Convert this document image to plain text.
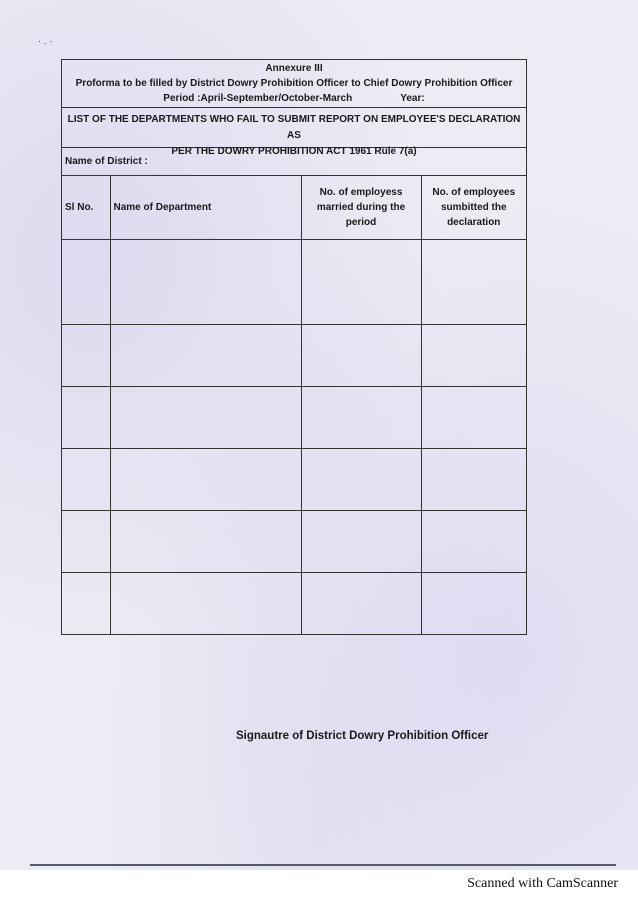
·.·
Annexure III
Proforma to be filled by District Dowry Prohibition Officer to Chief Dowry Prohibition Officer
Period :April-September/October-March	Year:
LIST OF THE DEPARTMENTS WHO FAIL TO SUBMIT REPORT ON EMPLOYEE'S DECLARATION AS
PER THE DOWRY PROHIBITION ACT 1961 Rule 7(a)
Name of District :
Sl No.	Name of Department	No. of employess married during the period	No. of employees sumbitted the declaration

Signautre of District Dowry Prohibition Officer
Scanned with CamScanner
